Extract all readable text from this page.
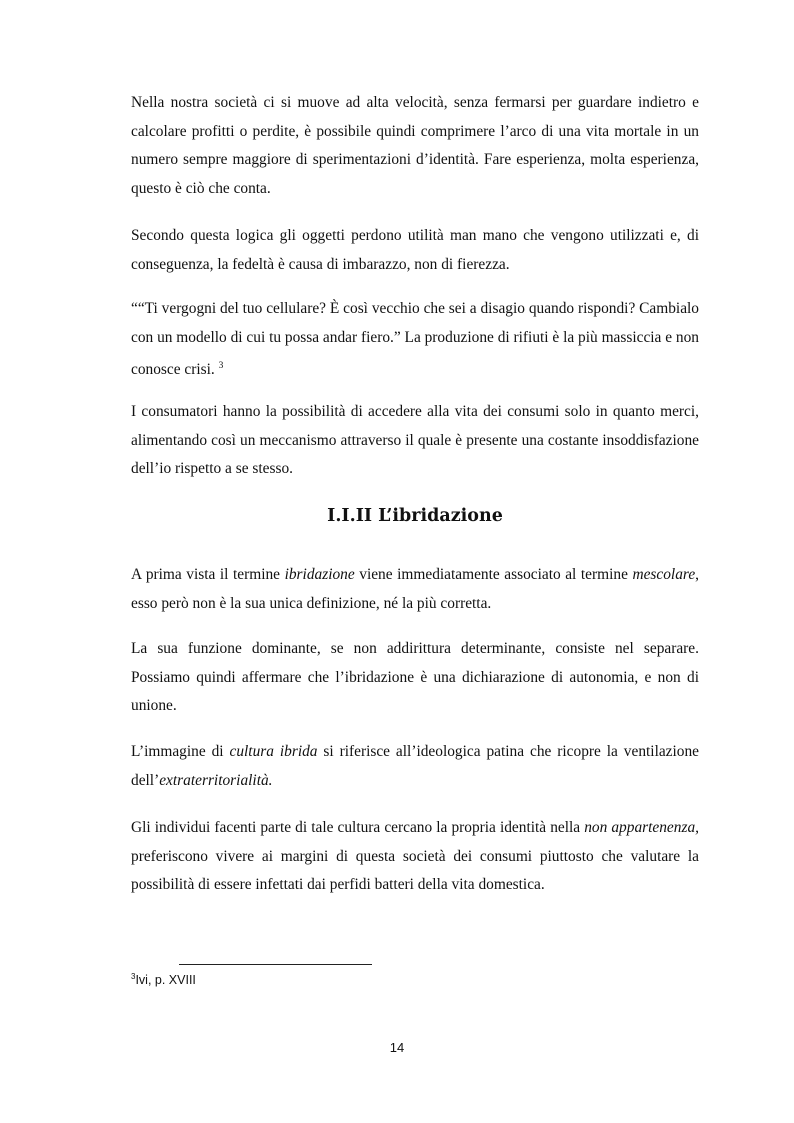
Nella nostra società ci si muove ad alta velocità, senza fermarsi per guardare indietro e calcolare profitti o perdite, è possibile quindi comprimere l’arco di una vita mortale in un numero sempre maggiore di sperimentazioni d’identità. Fare esperienza, molta esperienza, questo è ciò che conta.

Secondo questa logica gli oggetti perdono utilità man mano che vengono utilizzati e, di conseguenza, la fedeltà è causa di imbarazzo, non di fierezza.

““Ti vergogni del tuo cellulare? È così vecchio che sei a disagio quando rispondi? Cambialo con un modello di cui tu possa andar fiero.” La produzione di rifiuti è la più massiccia e non conosce crisi. $^3$

I consumatori hanno la possibilità di accedere alla vita dei consumi solo in quanto merci, alimentando così un meccanismo attraverso il quale è presente una costante insoddisfazione dell’io rispetto a se stesso.

I.I.II L’ibridazione

A prima vista il termine ibridazione viene immediatamente associato al termine mescolare, esso però non è la sua unica definizione, né la più corretta.

La sua funzione dominante, se non addirittura determinante, consiste nel separare. Possiamo quindi affermare che l’ibridazione è una dichiarazione di autonomia, e non di unione.

L’immagine di cultura ibrida si riferisce all’ideologica patina che ricopre la ventilazione dell’extraterritorialità.

Gli individui facenti parte di tale cultura cercano la propria identità nella non appartenenza, preferiscono vivere ai margini di questa società dei consumi piuttosto che valutare la possibilità di essere infettati dai perfidi batteri della vita domestica.

$^3$Ivi, p. XVIII
14
